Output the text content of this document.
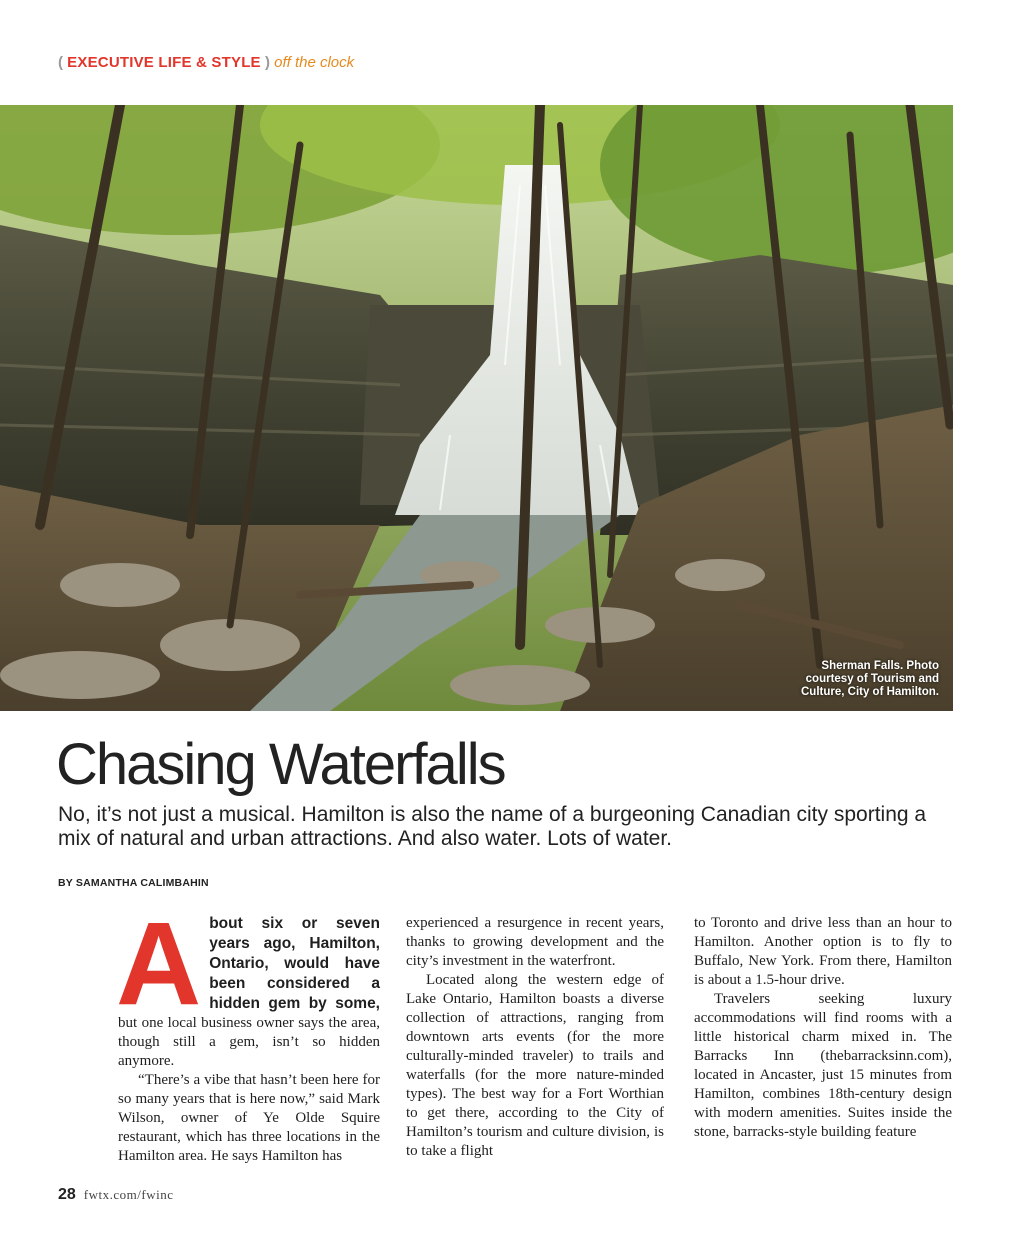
( EXECUTIVE LIFE & STYLE ) off the clock
Sherman Falls. Photo courtesy of Tourism and Culture, City of Hamilton.
Chasing Waterfalls

No, it’s not just a musical. Hamilton is also the name of a burgeoning Canadian city sporting a mix of natural and urban attractions. And also water. Lots of water.

BY SAMANTHA CALIMBAHIN

About six or seven years ago, Hamilton, Ontario, would have been considered a hidden gem by some, but one local business owner says the area, though still a gem, isn’t so hidden anymore.

“There’s a vibe that hasn’t been here for so many years that is here now,” said Mark Wilson, owner of Ye Olde Squire restaurant, which has three locations in the Hamilton area. He says Hamilton has

experienced a resurgence in recent years, thanks to growing development and the city’s investment in the waterfront.

Located along the western edge of Lake Ontario, Hamilton boasts a diverse collection of attractions, ranging from downtown arts events (for the more culturally-minded traveler) to trails and waterfalls (for the more nature-minded types). The best way for a Fort Worthian to get there, according to the City of Hamilton’s tourism and culture division, is to take a flight

to Toronto and drive less than an hour to Hamilton. Another option is to fly to Buffalo, New York. From there, Hamilton is about a 1.5-hour drive.

Travelers seeking luxury accommodations will find rooms with a little historical charm mixed in. The Barracks Inn (thebarracksinn.com), located in Ancaster, just 15 minutes from Hamilton, combines 18th-century design with modern amenities. Suites inside the stone, barracks-style building feature

28 fwtx.com/fwinc
